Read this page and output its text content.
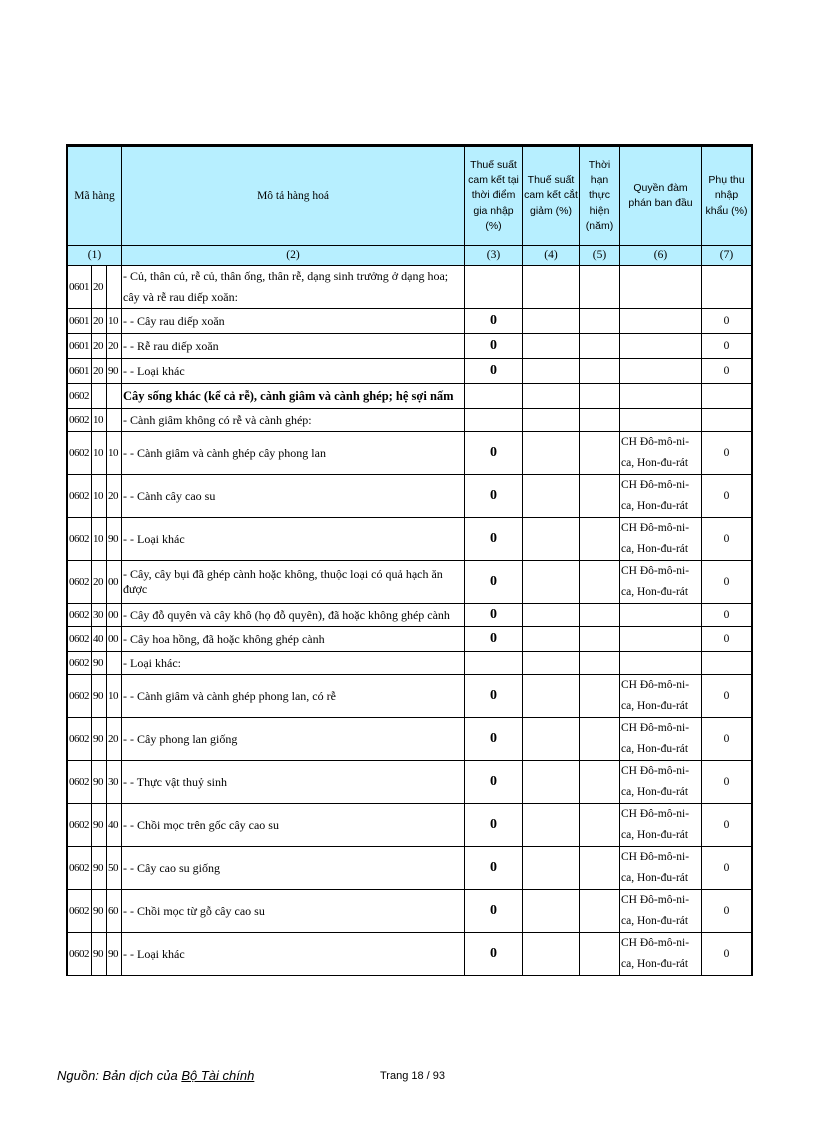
Mã hàng			Mô tả hàng hoá	Thuế suất cam kết tại thời điểm gia nhập (%)	Thuế suất cam kết cắt giảm (%)	Thời hạn thực hiện (năm)	Quyền đàm phán ban đầu	Phụ thu nhập khẩu (%)
(1)			(2)	(3)	(4)	(5)	(6)	(7)
0601	20		- Củ, thân củ, rễ củ, thân ống, thân rễ, dạng sinh trưởng ở dạng hoa; cây và rễ rau diếp xoăn:					
0601	20	10	- - Cây rau diếp xoăn	0				0
0601	20	20	- - Rễ rau diếp xoăn	0				0
0601	20	90	- - Loại khác	0				0
0602			Cây sống khác (kể cả rễ), cành giâm và cành ghép; hệ sợi nấm					
0602	10		- Cành giâm không có rễ và cành ghép:					
0602	10	10	- - Cành giâm và cành ghép cây phong lan	0			CH Đô-mô-ni-ca, Hon-đu-rát	0
0602	10	20	- - Cành cây cao su	0			CH Đô-mô-ni-ca, Hon-đu-rát	0
0602	10	90	- - Loại khác	0			CH Đô-mô-ni-ca, Hon-đu-rát	0
0602	20	00	- Cây, cây bụi đã ghép cành hoặc không, thuộc loại có quả hạch ăn được	0			CH Đô-mô-ni-ca, Hon-đu-rát	0
0602	30	00	- Cây đỗ quyên và cây khô (họ đỗ quyên), đã hoặc không ghép cành	0				0
0602	40	00	- Cây hoa hồng, đã hoặc không ghép cành	0				0
0602	90		- Loại khác:					
0602	90	10	- - Cành giâm và cành ghép phong lan, có rễ	0			CH Đô-mô-ni-ca, Hon-đu-rát	0
0602	90	20	- - Cây phong lan giống	0			CH Đô-mô-ni-ca, Hon-đu-rát	0
0602	90	30	- - Thực vật thuỷ sinh	0			CH Đô-mô-ni-ca, Hon-đu-rát	0
0602	90	40	- - Chồi mọc trên gốc cây cao su	0			CH Đô-mô-ni-ca, Hon-đu-rát	0
0602	90	50	- - Cây cao su giống	0			CH Đô-mô-ni-ca, Hon-đu-rát	0
0602	90	60	- - Chồi mọc từ gỗ cây cao su	0			CH Đô-mô-ni-ca, Hon-đu-rát	0
0602	90	90	- - Loại khác	0			CH Đô-mô-ni-ca, Hon-đu-rát	0
Nguồn: Bản dịch của Bộ Tài chính	Trang 18 / 93
